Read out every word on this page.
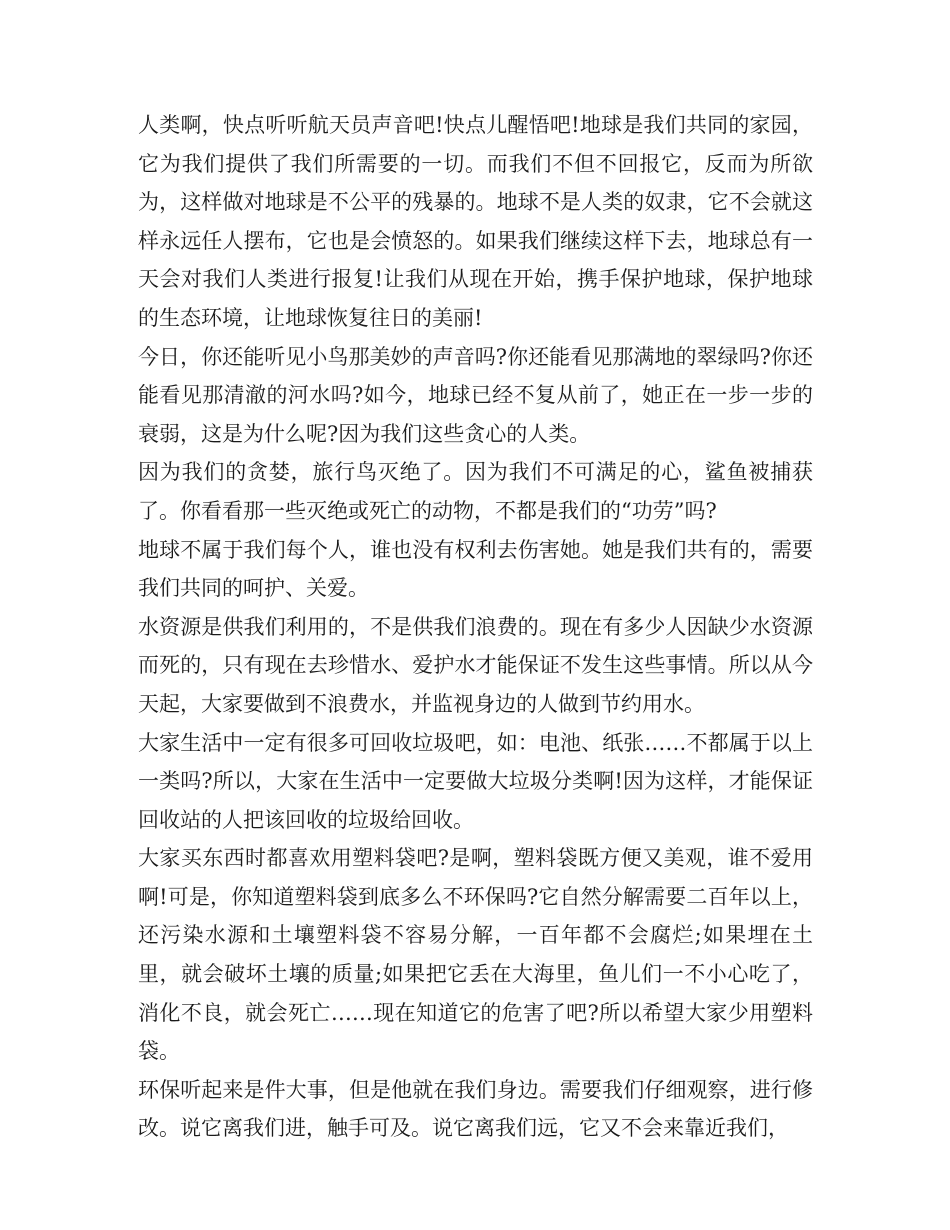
人类啊，快点听听航天员声音吧!快点儿醒悟吧!地球是我们共同的家园，它为我们提供了我们所需要的一切。而我们不但不回报它，反而为所欲为，这样做对地球是不公平的残暴的。地球不是人类的奴隶，它不会就这样永远任人摆布，它也是会愤怒的。如果我们继续这样下去，地球总有一天会对我们人类进行报复!让我们从现在开始，携手保护地球，保护地球的生态环境，让地球恢复往日的美丽!

今日，你还能听见小鸟那美妙的声音吗?你还能看见那满地的翠绿吗?你还能看见那清澈的河水吗?如今，地球已经不复从前了，她正在一步一步的衰弱，这是为什么呢?因为我们这些贪心的人类。

因为我们的贪婪，旅行鸟灭绝了。因为我们不可满足的心，鲨鱼被捕获了。你看看那一些灭绝或死亡的动物，不都是我们的“功劳”吗?

地球不属于我们每个人，谁也没有权利去伤害她。她是我们共有的，需要我们共同的呵护、关爱。

水资源是供我们利用的，不是供我们浪费的。现在有多少人因缺少水资源而死的，只有现在去珍惜水、爱护水才能保证不发生这些事情。所以从今天起，大家要做到不浪费水，并监视身边的人做到节约用水。

大家生活中一定有很多可回收垃圾吧，如：电池、纸张……不都属于以上一类吗?所以，大家在生活中一定要做大垃圾分类啊!因为这样，才能保证回收站的人把该回收的垃圾给回收。

大家买东西时都喜欢用塑料袋吧?是啊，塑料袋既方便又美观，谁不爱用啊!可是，你知道塑料袋到底多么不环保吗?它自然分解需要二百年以上，还污染水源和土壤塑料袋不容易分解，一百年都不会腐烂;如果埋在土里，就会破坏土壤的质量;如果把它丢在大海里，鱼儿们一不小心吃了，消化不良，就会死亡……现在知道它的危害了吧?所以希望大家少用塑料袋。

环保听起来是件大事，但是他就在我们身边。需要我们仔细观察，进行修改。说它离我们进，触手可及。说它离我们远，它又不会来靠近我们，
